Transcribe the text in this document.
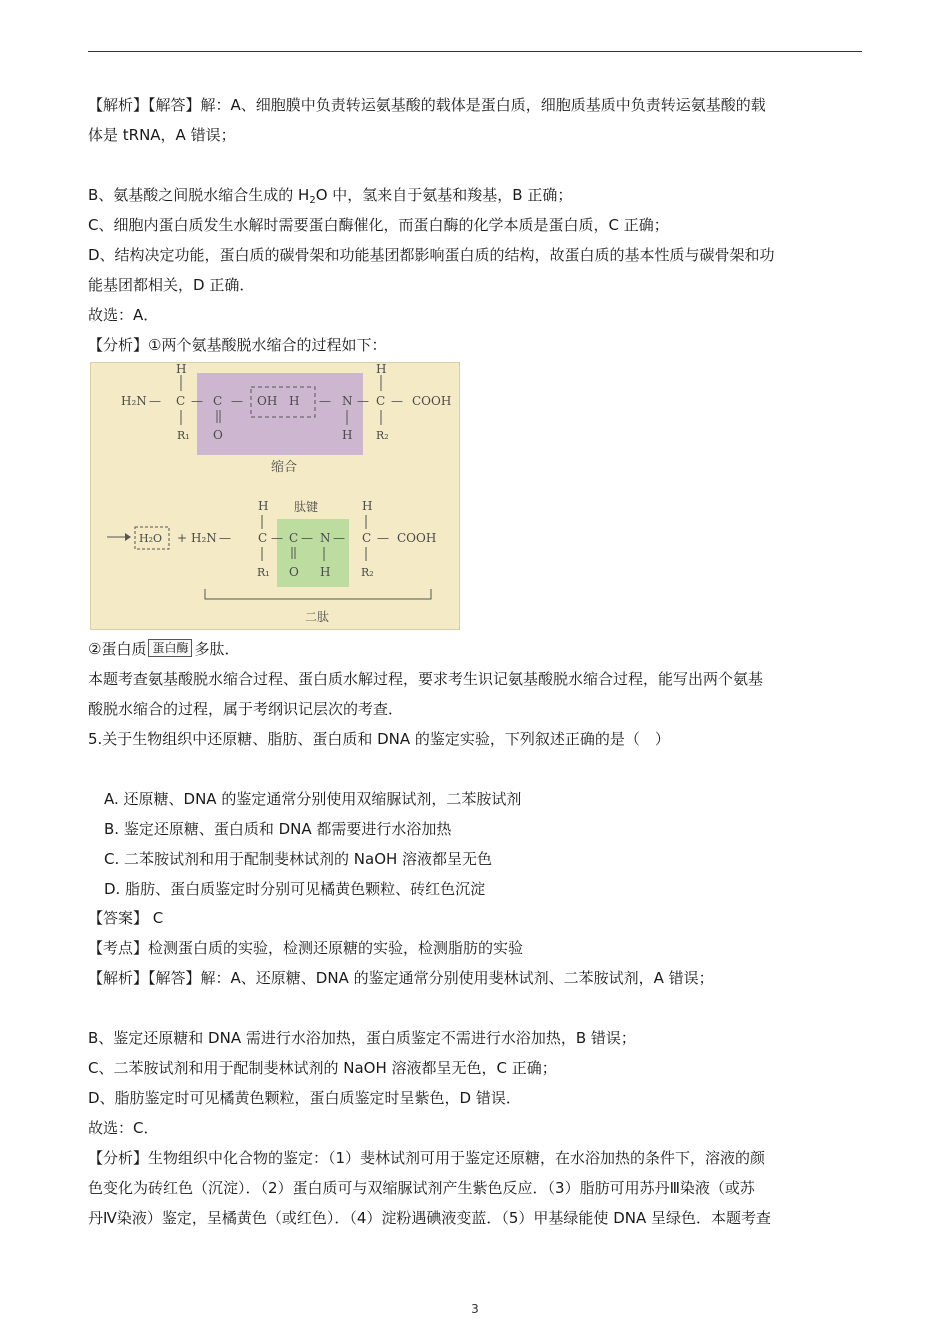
【解析】【解答】解：A、细胞膜中负责转运氨基酸的载体是蛋白质，细胞质基质中负责转运氨基酸的载
体是 tRNA，A 错误；
B、氨基酸之间脱水缩合生成的 $H_2O$ 中，氢来自于氨基和羧基，B 正确；
C、细胞内蛋白质发生水解时需要蛋白酶催化，而蛋白酶的化学本质是蛋白质，C 正确；
D、结构决定功能，蛋白质的碳骨架和功能基团都影响蛋白质的结构，故蛋白质的基本性质与碳骨架和功
能基团都相关，D 正确．
故选：A．
【分析】①两个氨基酸脱水缩合的过程如下：
H	H
H₂N — C — C — OH H — N — C — COOH
R₁ O	H R₂
缩合
肽键
H₂O + H₂N —
H
C — C — N —
H
C — COOH
R₁ O H	R₂
二肽
②蛋白质 蛋白酶 多肽．
本题考查氨基酸脱水缩合过程、蛋白质水解过程，要求考生识记氨基酸脱水缩合过程，能写出两个氨基
酸脱水缩合的过程，属于考纲识记层次的考查．
5.关于生物组织中还原糖、脂肪、蛋白质和 DNA 的鉴定实验，下列叙述正确的是（　）
A. 还原糖、DNA 的鉴定通常分别使用双缩脲试剂，二苯胺试剂
B. 鉴定还原糖、蛋白质和 DNA 都需要进行水浴加热
C. 二苯胺试剂和用于配制斐林试剂的 NaOH 溶液都呈无色
D. 脂肪、蛋白质鉴定时分别可见橘黄色颗粒、砖红色沉淀
【答案】 C
【考点】检测蛋白质的实验，检测还原糖的实验，检测脂肪的实验
【解析】【解答】解：A、还原糖、DNA 的鉴定通常分别使用斐林试剂、二苯胺试剂，A 错误；
B、鉴定还原糖和 DNA 需进行水浴加热，蛋白质鉴定不需进行水浴加热，B 错误；
C、二苯胺试剂和用于配制斐林试剂的 NaOH 溶液都呈无色，C 正确；
D、脂肪鉴定时可见橘黄色颗粒，蛋白质鉴定时呈紫色，D 错误．
故选：C．
【分析】生物组织中化合物的鉴定：（1）斐林试剂可用于鉴定还原糖，在水浴加热的条件下，溶液的颜
色变化为砖红色（沉淀）．（2）蛋白质可与双缩脲试剂产生紫色反应．（3）脂肪可用苏丹Ⅲ染液（或苏
丹Ⅳ染液）鉴定，呈橘黄色（或红色）．（4）淀粉遇碘液变蓝．（5）甲基绿能使 DNA 呈绿色．本题考查
3
